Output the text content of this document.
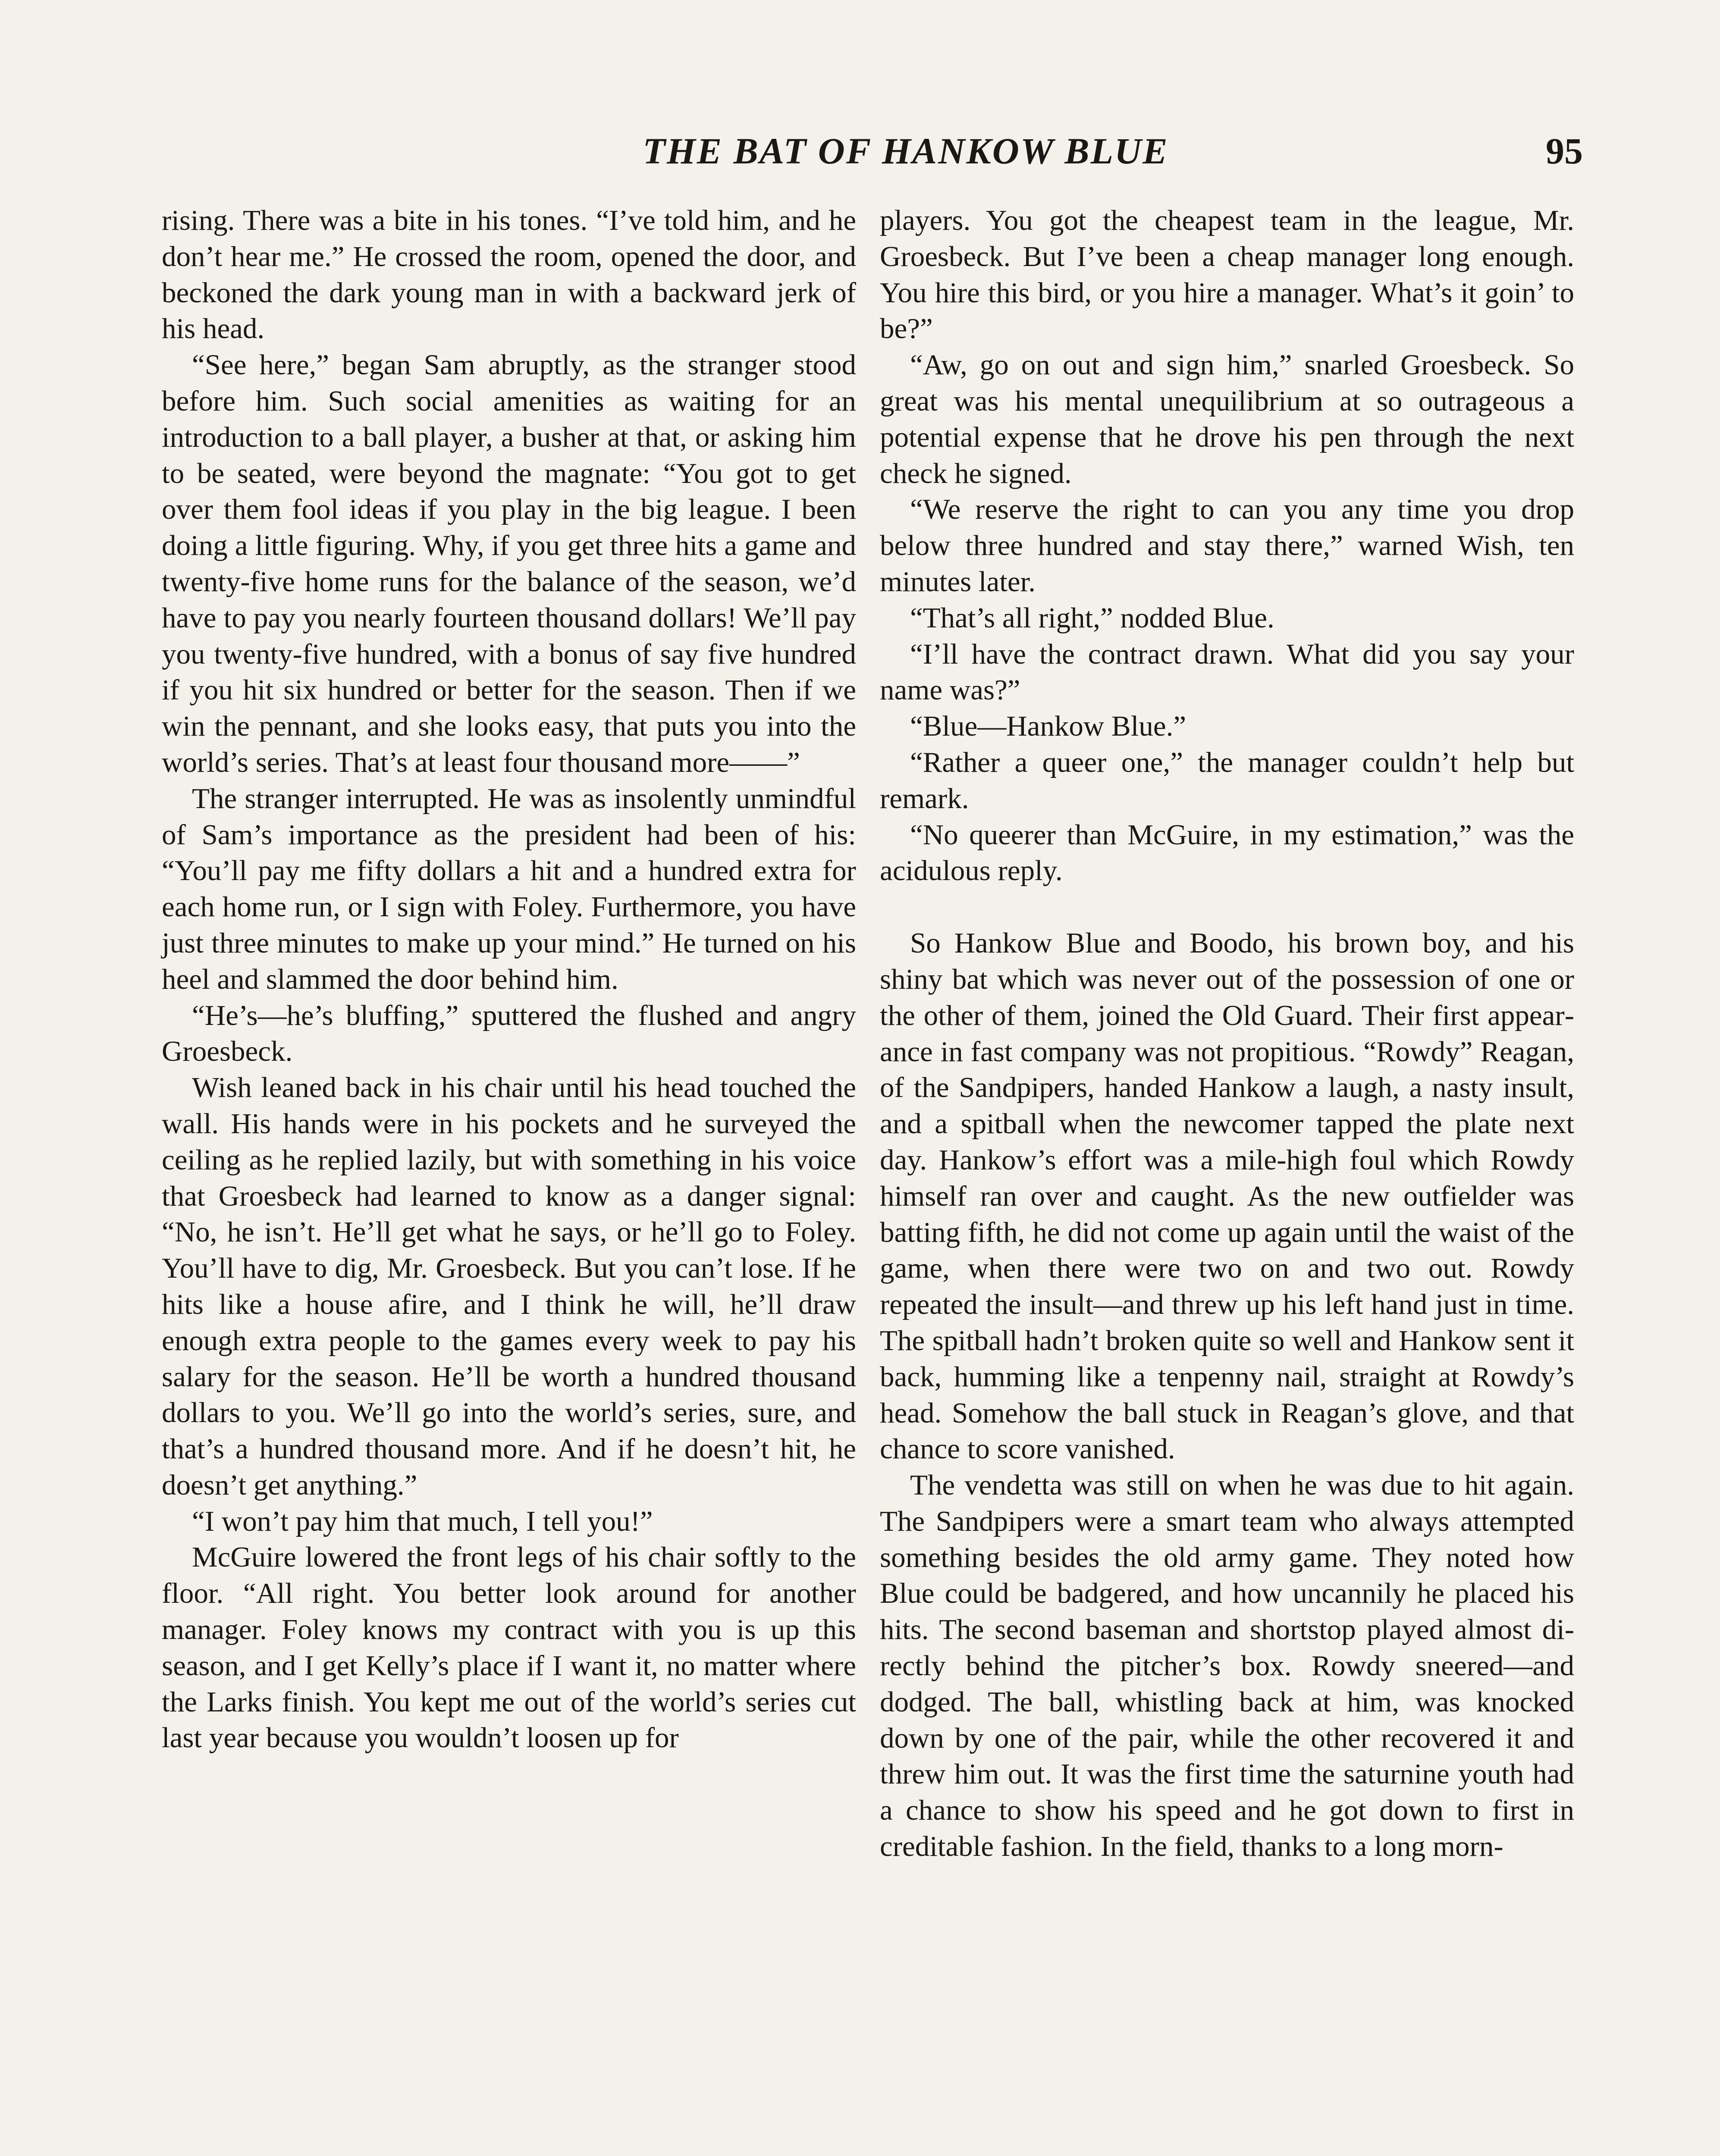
THE BAT OF HANKOW BLUE	95

rising. There was a bite in his tones. “I’ve told him, and he don’t hear me.” He crossed the room, opened the door, and beckoned the dark young man in with a backward jerk of his head.

“See here,” began Sam abruptly, as the stranger stood before him. Such social amenities as waiting for an introduction to a ball player, a busher at that, or asking him to be seated, were beyond the magnate: “You got to get over them fool ideas if you play in the big league. I been doing a little figuring. Why, if you get three hits a game and twenty-five home runs for the balance of the season, we’d have to pay you nearly fourteen thousand dollars! We’ll pay you twenty-five hundred, with a bonus of say five hundred if you hit six hundred or better for the season. Then if we win the pennant, and she looks easy, that puts you into the world’s series. That’s at least four thousand more——”

The stranger interrupted. He was as insolently unmindful of Sam’s importance as the president had been of his: “You’ll pay me fifty dollars a hit and a hundred extra for each home run, or I sign with Foley. Furthermore, you have just three minutes to make up your mind.” He turned on his heel and slammed the door behind him.

“He’s—he’s bluffing,” sputtered the flushed and angry Groesbeck.

Wish leaned back in his chair until his head touched the wall. His hands were in his pockets and he surveyed the ceiling as he replied lazily, but with something in his voice that Groesbeck had learned to know as a danger signal: “No, he isn’t. He’ll get what he says, or he’ll go to Foley. You’ll have to dig, Mr. Groesbeck. But you can’t lose. If he hits like a house afire, and I think he will, he’ll draw enough extra people to the games every week to pay his salary for the season. He’ll be worth a hundred thousand dollars to you. We’ll go into the world’s series, sure, and that’s a hundred thousand more. And if he doesn’t hit, he doesn’t get anything.”

“I won’t pay him that much, I tell you!”

McGuire lowered the front legs of his chair softly to the floor. “All right. You better look around for another manager. Foley knows my contract with you is up this season, and I get Kelly’s place if I want it, no matter where the Larks finish. You kept me out of the world’s series cut last year because you wouldn’t loosen up for

players. You got the cheapest team in the league, Mr. Groesbeck. But I’ve been a cheap manager long enough. You hire this bird, or you hire a manager. What’s it goin’ to be?”

“Aw, go on out and sign him,” snarled Groesbeck. So great was his mental unequilibrium at so outrageous a potential expense that he drove his pen through the next check he signed.

“We reserve the right to can you any time you drop below three hundred and stay there,” warned Wish, ten minutes later.

“That’s all right,” nodded Blue.

“I’ll have the contract drawn. What did you say your name was?”

“Blue—Hankow Blue.”

“Rather a queer one,” the manager couldn’t help but remark.

“No queerer than McGuire, in my estimation,” was the acidulous reply.

So Hankow Blue and Boodo, his brown boy, and his shiny bat which was never out of the possession of one or the other of them, joined the Old Guard. Their first appearance in fast company was not propitious. “Rowdy” Reagan, of the Sandpipers, handed Hankow a laugh, a nasty insult, and a spitball when the newcomer tapped the plate next day. Hankow’s effort was a mile-high foul which Rowdy himself ran over and caught. As the new outfielder was batting fifth, he did not come up again until the waist of the game, when there were two on and two out. Rowdy repeated the insult—and threw up his left hand just in time. The spitball hadn’t broken quite so well and Hankow sent it back, humming like a tenpenny nail, straight at Rowdy’s head. Somehow the ball stuck in Reagan’s glove, and that chance to score vanished.

The vendetta was still on when he was due to hit again. The Sandpipers were a smart team who always attempted something besides the old army game. They noted how Blue could be badgered, and how uncannily he placed his hits. The second baseman and shortstop played almost directly behind the pitcher’s box. Rowdy sneered—and dodged. The ball, whistling back at him, was knocked down by one of the pair, while the other recovered it and threw him out. It was the first time the saturnine youth had a chance to show his speed and he got down to first in creditable fashion. In the field, thanks to a long morn-
